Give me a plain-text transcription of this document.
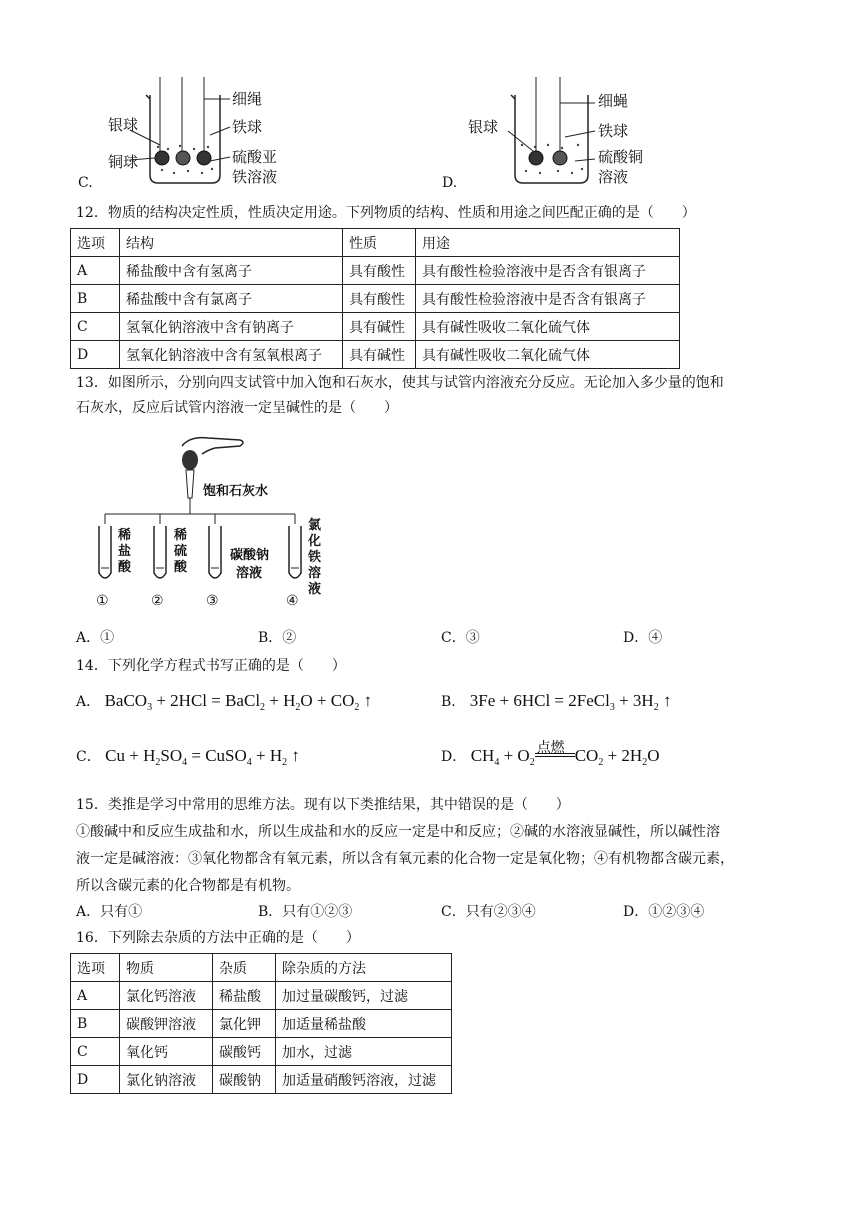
细绳
银球	铁球
铜球	硫酸亚
铁溶液
C.
细蝇
银球	铁球
硫酸铜
溶液
D.
12．物质的结构决定性质，性质决定用途。下列物质的结构、性质和用途之间匹配正确的是（　　）
选项	结构	性质	用途
A	稀盐酸中含有氢离子	具有酸性	具有酸性检验溶液中是否含有银离子
B	稀盐酸中含有氯离子	具有酸性	具有酸性检验溶液中是否含有银离子
C	氢氧化钠溶液中含有钠离子	具有碱性	具有碱性吸收二氧化硫气体
D	氢氧化钠溶液中含有氢氧根离子	具有碱性	具有碱性吸收二氧化硫气体
13．如图所示，分别向四支试管中加入饱和石灰水，使其与试管内溶液充分反应。无论加入多少量的饱和
石灰水，反应后试管内溶液一定呈碱性的是（　　）
饱和石灰水
稀盐酸
稀硫酸
碳酸钠
溶液
氯化铁溶液
①	②	③	④
A．①	B．②	C．③	D．④
14．下列化学方程式书写正确的是（　　）
A． BaCO$_3$ + 2HCl = BaCl$_2$ + $H_2O + CO_2$ ↑	B． 3Fe + 6HCl = 2FeCl$_3$ + $3H_2$ ↑
C． $Cu + H_2SO_4$ = CuSO$_4$ + $H_2$ ↑	D． $CH_4 + O_2$
点燃 $CO_2 + 2H_2O$
15．类推是学习中常用的思维方法。现有以下类推结果，其中错误的是（　　）
①酸碱中和反应生成盐和水，所以生成盐和水的反应一定是中和反应；②碱的水溶液显碱性，所以碱性溶
液一定是碱溶液：③氧化物都含有氧元素，所以含有氧元素的化合物一定是氧化物；④有机物都含碳元素，
所以含碳元素的化合物都是有机物。
A．只有①	B．只有①②③	C．只有②③④	D．①②③④
16．下列除去杂质的方法中正确的是（　　）
选项	物质	杂质	除杂质的方法
A	氯化钙溶液	稀盐酸	加过量碳酸钙，过滤
B	碳酸钾溶液	氯化钾	加适量稀盐酸
C	氧化钙	碳酸钙	加水，过滤
D	氯化钠溶液	碳酸钠	加适量硝酸钙溶液，过滤
